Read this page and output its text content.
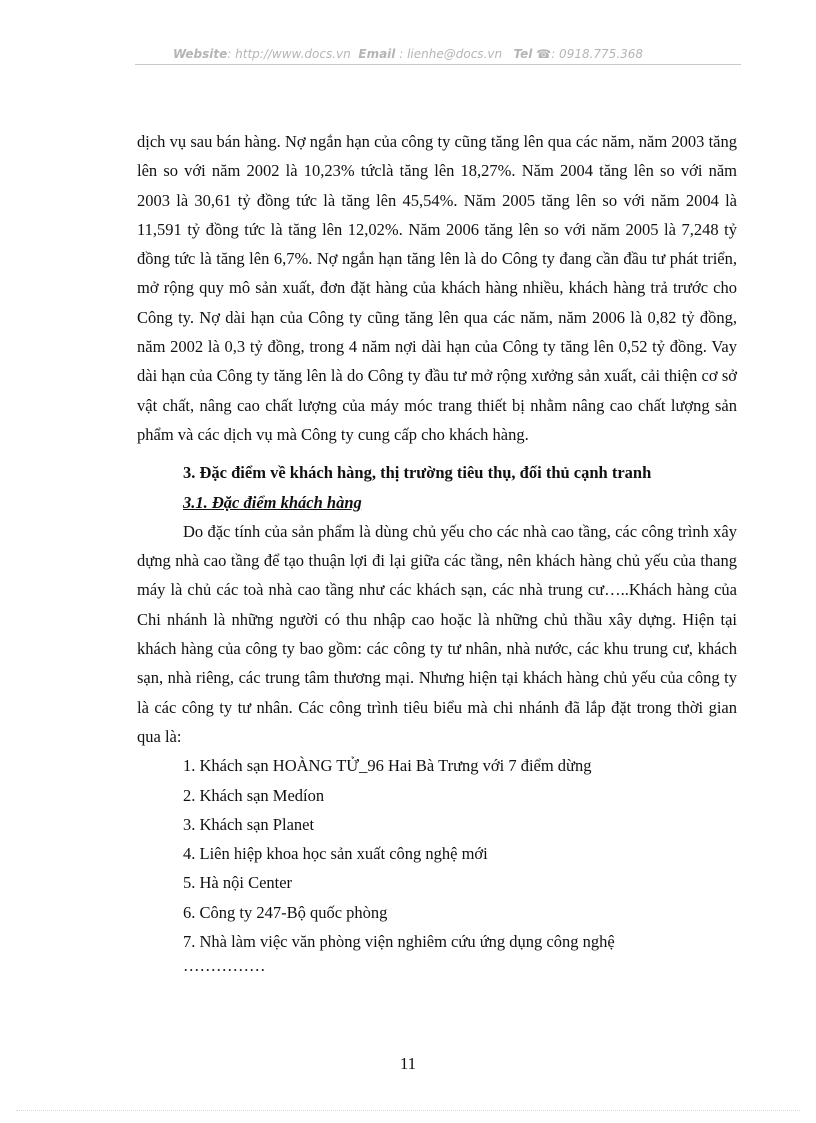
Website: http://www.docs.vn Email : lienhe@docs.vn Tel ☎: 0918.775.368

dịch vụ sau bán hàng. Nợ ngắn hạn của công ty cũng tăng lên qua các năm, năm 2003 tăng lên so với năm 2002 là 10,23% tứclà tăng lên 18,27%. Năm 2004 tăng lên so với năm 2003 là 30,61 tỷ đồng tức là tăng lên 45,54%. Năm 2005 tăng lên so với năm 2004 là 11,591 tỷ đồng tức là tăng lên 12,02%. Năm 2006 tăng lên so với năm 2005 là 7,248 tỷ đồng tức là tăng lên 6,7%. Nợ ngắn hạn tăng lên là do Công ty đang cần đầu tư phát triển, mở rộng quy mô sản xuất, đơn đặt hàng của khách hàng nhiều, khách hàng trả trước cho Công ty. Nợ dài hạn của Công ty cũng tăng lên qua các năm, năm 2006 là 0,82 tỷ đồng, năm 2002 là 0,3 tỷ đồng, trong 4 năm nợi dài hạn của Công ty tăng lên 0,52 tỷ đồng. Vay dài hạn của Công ty tăng lên là do Công ty đầu tư mở rộng xưởng sản xuất, cải thiện cơ sở vật chất, nâng cao chất lượng của máy móc trang thiết bị nhằm nâng cao chất lượng sản phẩm và các dịch vụ mà Công ty cung cấp cho khách hàng.

3. Đặc điểm về khách hàng, thị trường tiêu thụ, đối thủ cạnh tranh

3.1. Đặc điểm khách hàng

Do đặc tính của sản phẩm là dùng chủ yếu cho các nhà cao tầng, các công trình xây dựng nhà cao tầng để tạo thuận lợi đi lại giữa các tầng, nên khách hàng chủ yếu của thang máy là chủ các toà nhà cao tầng như các khách sạn, các nhà trung cư…..Khách hàng của Chi nhánh là những người có thu nhập cao hoặc là những chủ thầu xây dựng. Hiện tại khách hàng của công ty bao gồm: các công ty tư nhân, nhà nước, các khu trung cư, khách sạn, nhà riêng, các trung tâm thương mại. Nhưng hiện tại khách hàng chủ yếu của công ty là các công ty tư nhân. Các công trình tiêu biểu mà chi nhánh đã lắp đặt trong thời gian qua là:

1. Khách sạn HOÀNG TỬ_96 Hai Bà Trưng với 7 điểm dừng

2. Khách sạn Medíon

3. Khách sạn Planet

4. Liên hiệp khoa học sản xuất công nghệ mới

5. Hà nội Center

6. Công ty 247-Bộ quốc phòng

7. Nhà làm việc văn phòng viện nghiêm cứu ứng dụng công nghệ

……………

11
